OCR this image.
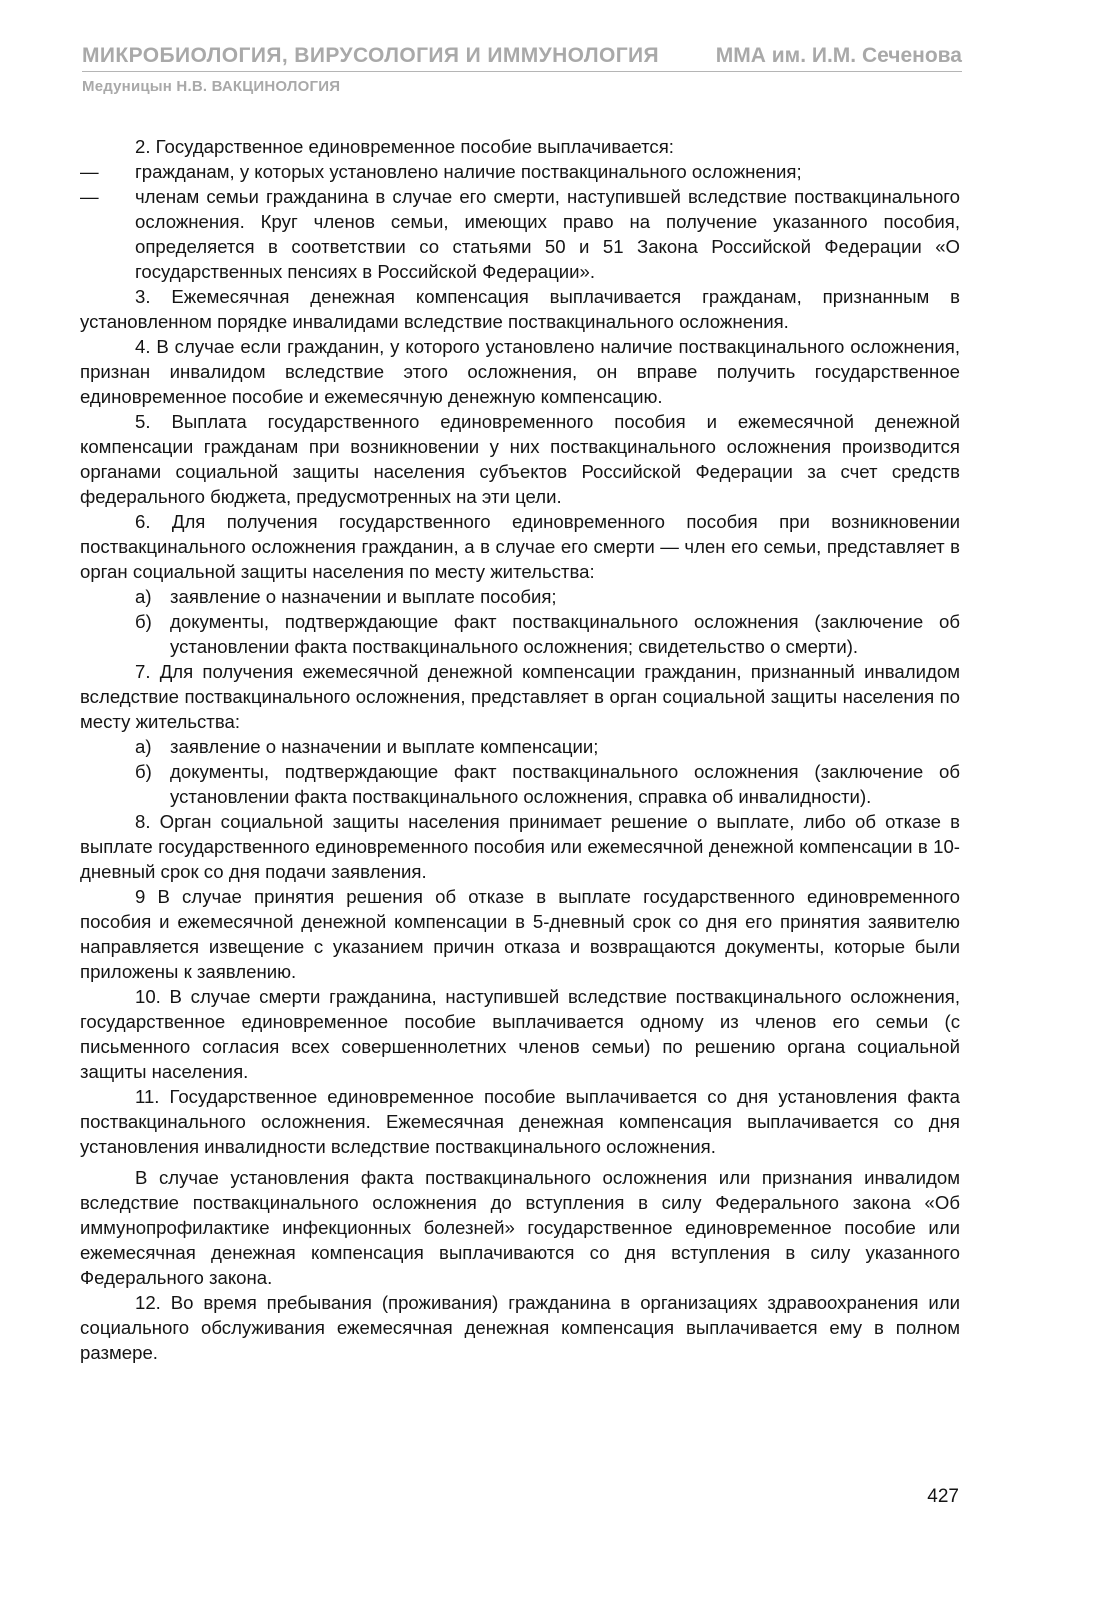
МИКРОБИОЛОГИЯ, ВИРУСОЛОГИЯ И ИММУНОЛОГИЯ	ММА им. И.М. Сеченова
Медуницын Н.В. ВАКЦИНОЛОГИЯ

2. Государственное единовременное пособие выплачивается:

— гражданам, у которых установлено наличие поствакцинального осложнения;

— членам семьи гражданина в случае его смерти, наступившей вследствие поствакцинального осложнения. Круг членов семьи, имеющих право на получение указанного пособия, определяется в соответствии со статьями 50 и 51 Закона Российской Федерации «О государственных пенсиях в Российской Федерации».

3. Ежемесячная денежная компенсация выплачивается гражданам, признанным в установленном порядке инвалидами вследствие поствакцинального осложнения.

4. В случае если гражданин, у которого установлено наличие поствакцинального осложнения, признан инвалидом вследствие этого осложнения, он вправе получить государственное единовременное пособие и ежемесячную денежную компенсацию.

5. Выплата государственного единовременного пособия и ежемесячной денежной компенсации гражданам при возникновении у них поствакцинального осложнения производится органами социальной защиты населения субъектов Российской Федерации за счет средств федерального бюджета, предусмотренных на эти цели.

6. Для получения государственного единовременного пособия при возникновении поствакцинального осложнения гражданин, а в случае его смерти — член его семьи, представляет в орган социальной защиты населения по месту жительства:

а) заявление о назначении и выплате пособия;

б) документы, подтверждающие факт поствакцинального осложнения (заключение об установлении факта поствакцинального осложнения; свидетельство о смерти).

7. Для получения ежемесячной денежной компенсации гражданин, признанный инвалидом вследствие поствакцинального осложнения, представляет в орган социальной защиты населения по месту жительства:

а) заявление о назначении и выплате компенсации;

б) документы, подтверждающие факт поствакцинального осложнения (заключение об установлении факта поствакцинального осложнения, справка об инвалидности).

8. Орган социальной защиты населения принимает решение о выплате, либо об отказе в выплате государственного единовременного пособия или ежемесячной денежной компенсации в 10-дневный срок со дня подачи заявления.

9 В случае принятия решения об отказе в выплате государственного единовременного пособия и ежемесячной денежной компенсации в 5-дневный срок со дня его принятия заявителю направляется извещение с указанием причин отказа и возвращаются документы, которые были приложены к заявлению.

10. В случае смерти гражданина, наступившей вследствие поствакцинального осложнения, государственное единовременное пособие выплачивается одному из членов его семьи (с письменного согласия всех совершеннолетних членов семьи) по решению органа социальной защиты населения.

11. Государственное единовременное пособие выплачивается со дня установления факта поствакцинального осложнения. Ежемесячная денежная компенсация выплачивается со дня установления инвалидности вследствие поствакцинального осложнения.

В случае установления факта поствакцинального осложнения или признания инвалидом вследствие поствакцинального осложнения до вступления в силу Федерального закона «Об иммунопрофилактике инфекционных болезней» государственное единовременное пособие или ежемесячная денежная компенсация выплачиваются со дня вступления в силу указанного Федерального закона.

12. Во время пребывания (проживания) гражданина в организациях здравоохранения или социального обслуживания ежемесячная денежная компенсация выплачивается ему в полном размере.

427
